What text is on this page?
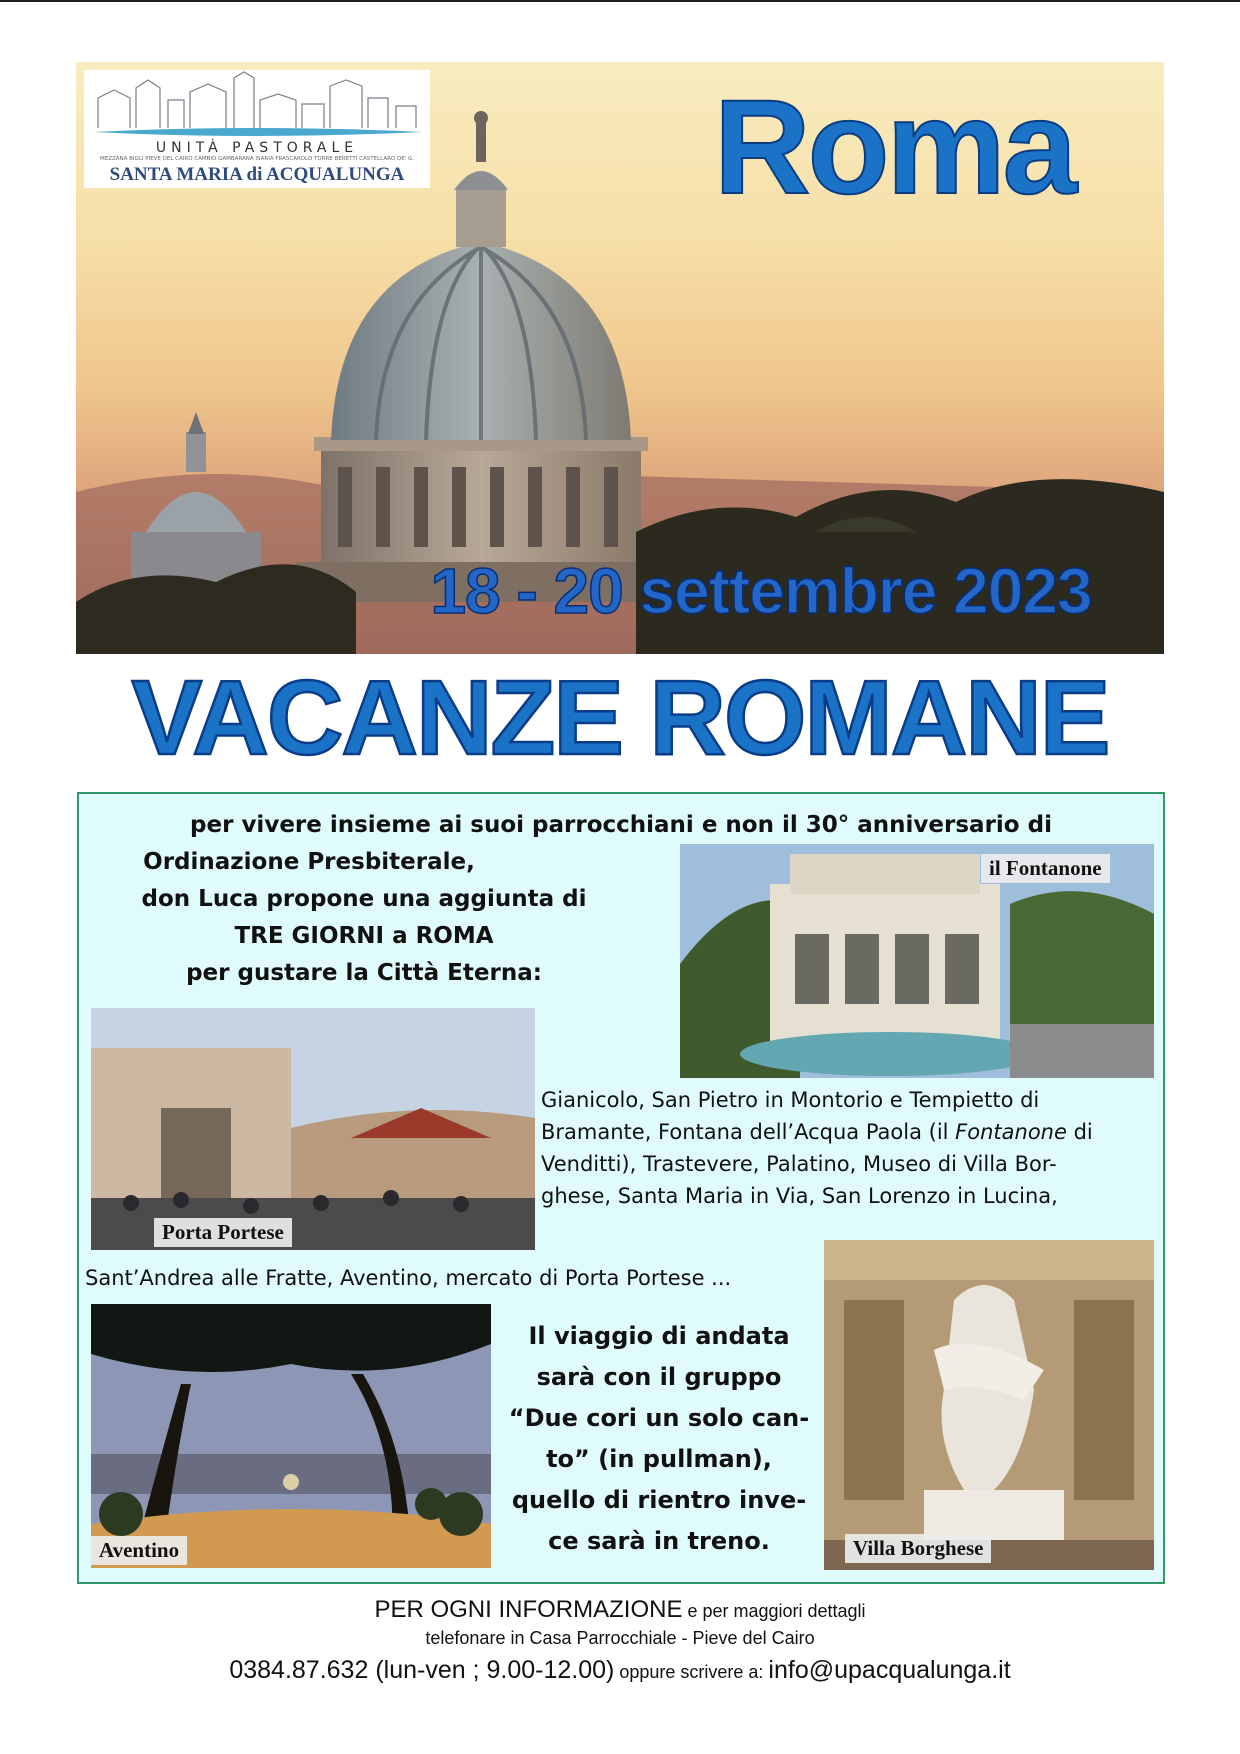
UNITÀ PASTORALE
MEZZANA BIGLI PIEVE DEL CAIRO CAMBIO GAMBARANA ISARIA FRASCAROLO TORRE BERETTI CASTELLARO DE' G.
SANTA MARIA di ACQUALUNGA	Roma
18 - 20 settembre 2023
VACANZE ROMANE
per vivere insieme ai suoi parrocchiani e non il 30° anniversario di
Ordinazione Presbiterale,
don Luca propone una aggiunta di
TRE GIORNI a ROMA
per gustare la Città Eterna:
il Fontanone
Porta Portese
Gianicolo, San Pietro in Montorio e Tempietto di
Bramante, Fontana dell’Acqua Paola (il Fontanone di
Venditti), Trastevere, Palatino, Museo di Villa Bor-
ghese, Santa Maria in Via, San Lorenzo in Lucina,
Sant’Andrea alle Fratte, Aventino, mercato di Porta Portese ...
Villa Borghese
Aventino
Il viaggio di andata
sarà con il gruppo
“Due cori un solo can-
to” (in pullman),
quello di rientro inve-
ce sarà in treno.
PER OGNI INFORMAZIONE e per maggiori dettagli
telefonare in Casa Parrocchiale - Pieve del Cairo
0384.87.632 (lun-ven ; 9.00-12.00) oppure scrivere a: info@upacqualunga.it
